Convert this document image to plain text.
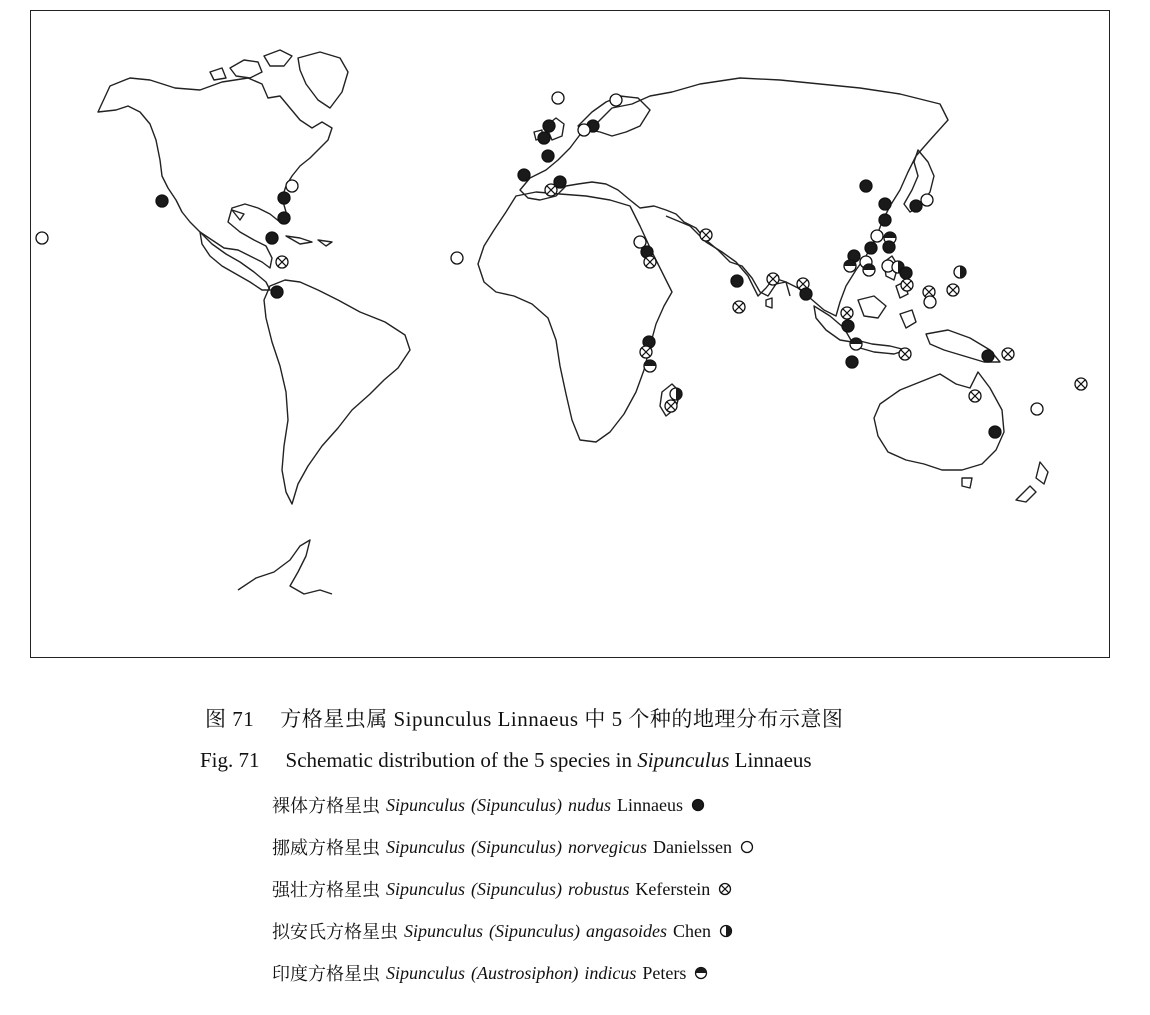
图 71 方格星虫属 Sipunculus Linnaeus 中 5 个种的地理分布示意图
Fig. 71 Schematic distribution of the 5 species in Sipunculus Linnaeus
裸体方格星虫 Sipunculus (Sipunculus) nudus Linnaeus
挪威方格星虫 Sipunculus (Sipunculus) norvegicus Danielssen
强壮方格星虫 Sipunculus (Sipunculus) robustus Keferstein
拟安氏方格星虫 Sipunculus (Sipunculus) angasoides Chen
印度方格星虫 Sipunculus (Austrosiphon) indicus Peters
